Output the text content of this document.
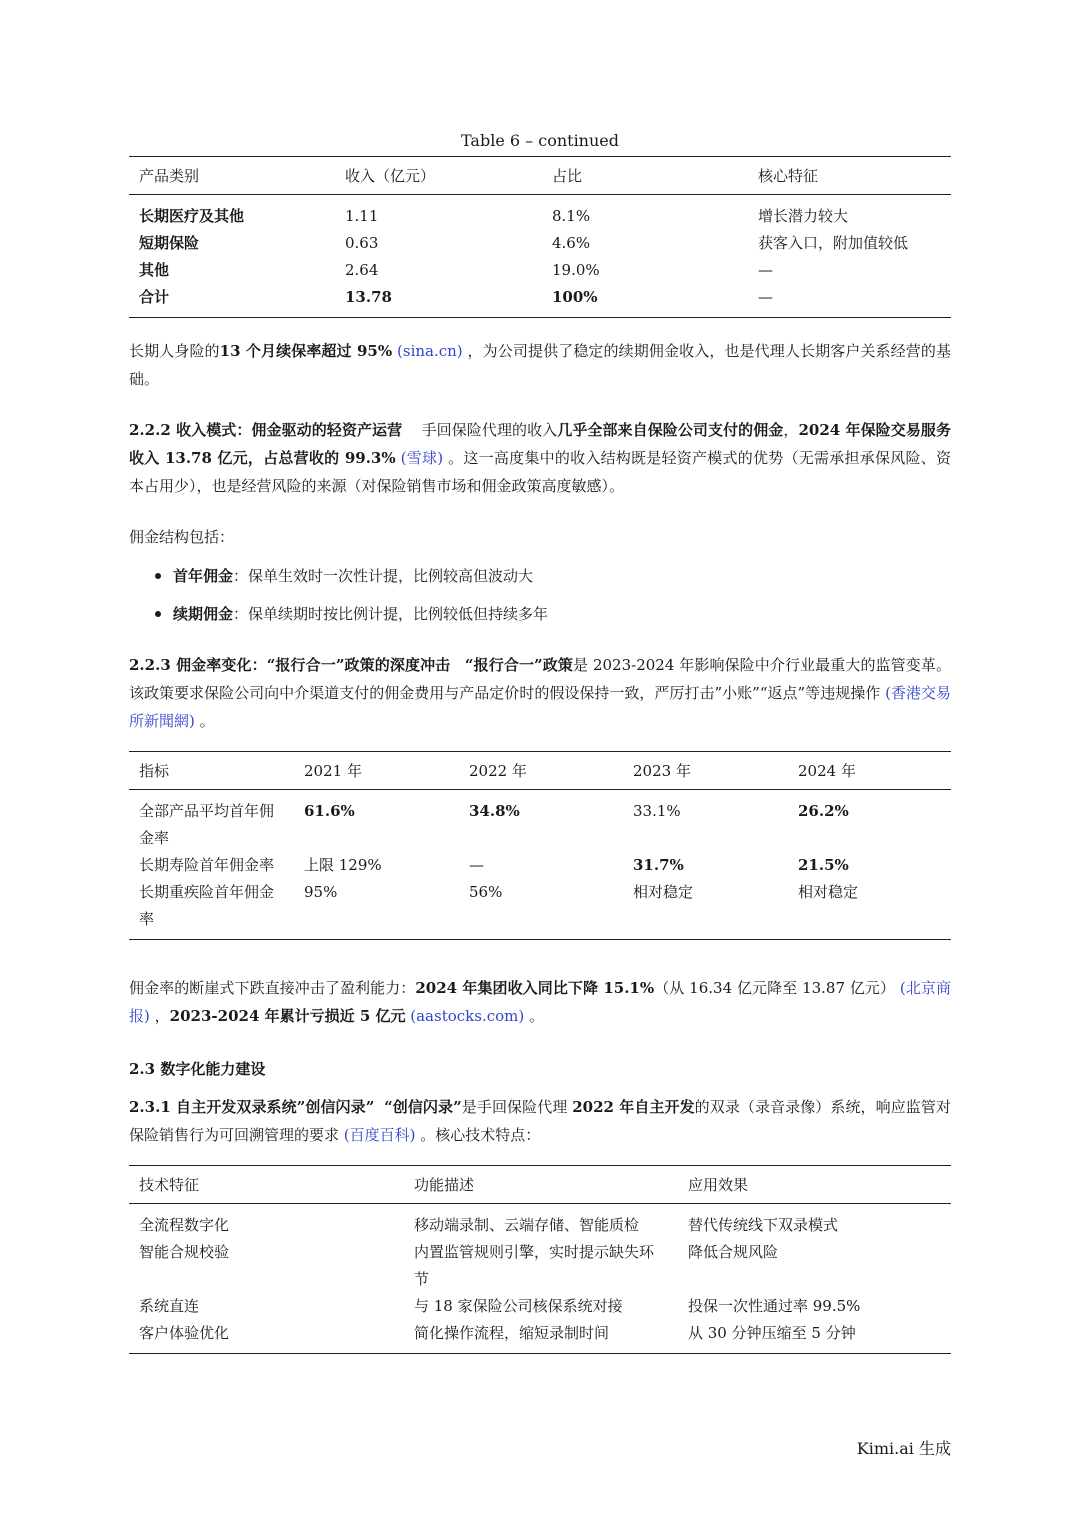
Table 6 – continued
产品类别	收入（亿元）	占比	核心特征
长期医疗及其他	1.11	8.1%	增长潜力较大
短期保险	0.63	4.6%	获客入口，附加值较低
其他	2.64	19.0%	—
合计	13.78	100%	—

长期人身险的13 个月续保率超过 95% (sina.cn) ，为公司提供了稳定的续期佣金收入，也是代理人长期客户关系经营的基础。

2.2.2 收入模式：佣金驱动的轻资产运营 手回保险代理的收入几乎全部来自保险公司支付的佣金，2024 年保险交易服务收入 13.78 亿元，占总营收的 99.3% (雪球) 。这一高度集中的收入结构既是轻资产模式的优势（无需承担承保风险、资本占用少），也是经营风险的来源（对保险销售市场和佣金政策高度敏感）。

佣金结构包括：

首年佣金：保单生效时一次性计提，比例较高但波动大
续期佣金：保单续期时按比例计提，比例较低但持续多年

2.2.3 佣金率变化：“报行合一”政策的深度冲击 “报行合一”政策是 2023-2024 年影响保险中介行业最重大的监管变革。该政策要求保险公司向中介渠道支付的佣金费用与产品定价时的假设保持一致，严厉打击”小账”“返点”等违规操作 (香港交易所新聞網) 。

指标	2021 年	2022 年	2023 年	2024 年
全部产品平均首年佣金率	61.6%	34.8%	33.1%	26.2%
长期寿险首年佣金率	上限 129%	—	31.7%	21.5%
长期重疾险首年佣金率	95%	56%	相对稳定	相对稳定

佣金率的断崖式下跌直接冲击了盈利能力：2024 年集团收入同比下降 15.1%（从 16.34 亿元降至 13.87 亿元） (北京商报) ，2023-2024 年累计亏损近 5 亿元 (aastocks.com) 。

2.3 数字化能力建设

2.3.1 自主开发双录系统”创信闪录” “创信闪录”是手回保险代理 2022 年自主开发的双录（录音录像）系统，响应监管对保险销售行为可回溯管理的要求 (百度百科) 。核心技术特点：

技术特征	功能描述	应用效果
全流程数字化	移动端录制、云端存储、智能质检	替代传统线下双录模式
智能合规校验	内置监管规则引擎，实时提示缺失环节	降低合规风险
系统直连	与 18 家保险公司核保系统对接	投保一次性通过率 99.5%
客户体验优化	简化操作流程，缩短录制时间	从 30 分钟压缩至 5 分钟
Kimi.ai 生成
